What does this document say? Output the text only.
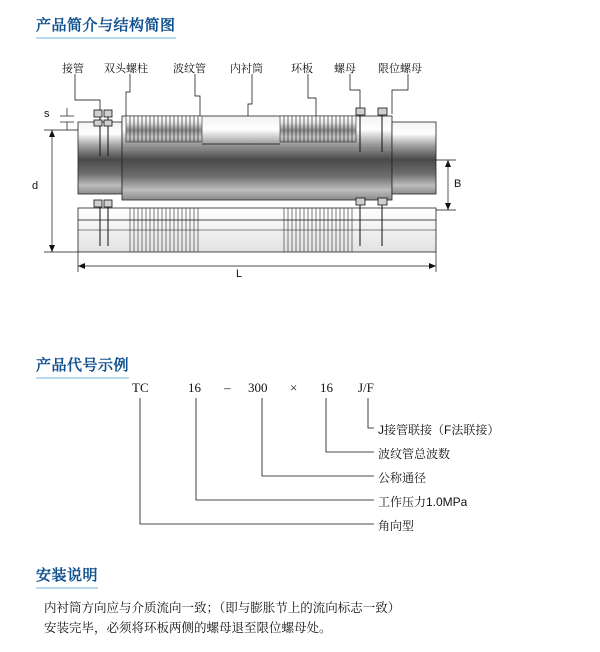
产品简介与结构简图
接管 双头螺柱 波纹管 内衬筒	环板 螺母 限位螺母
s
d	B
L
产品代号示例
TC	16 – 300 × 16 J/F
J接管联接（F法联接）
波纹管总波数
公称通径
工作压力1.0MPa
角向型
安装说明
内衬筒方向应与介质流向一致；（即与膨胀节上的流向标志一致）
安装完毕，必须将环板两侧的螺母退至限位螺母处。
